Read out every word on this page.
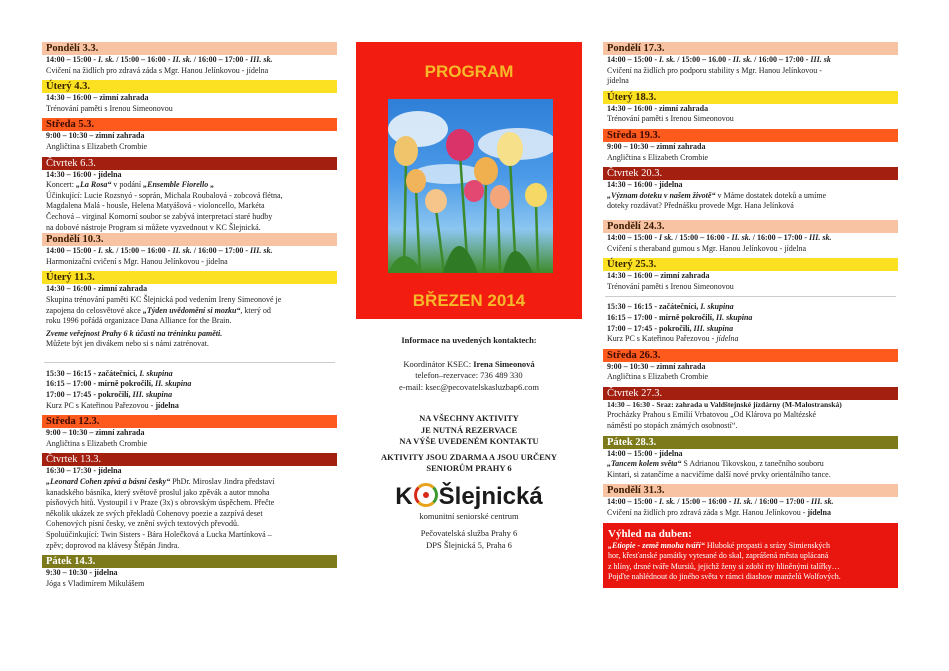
Pondělí 3.3.
14:00 – 15:00 - I. sk. / 15:00 – 16:00 - II. sk. / 16:00 – 17:00 - III. sk.
Cvičení na židlích pro zdravá záda s Mgr. Hanou Jelínkovou - jídelna
Úterý 4.3.
14:30 – 16:00 – zimní zahrada
Trénování paměti s Irenou Simeonovou
Středa 5.3.
9:00 – 10:30 – zimní zahrada
Angličtina s Elizabeth Crombie
Čtvrtek 6.3.
14:30 – 16:00 - jídelna
Koncert: „La Rosa“ v podání „Ensemble Fiorello „
Účinkující: Lucie Rozsnyó - soprán, Michala Roubalová - zobcová flétna,
Magdalena Malá - housle, Helena Matyášová - violoncello, Markéta
Čechová – virginal Komorní soubor se zabývá interpretací staré hudby
na dobové nástroje Program si můžete vyzvednout v KC Šlejnická.
Pondělí 10.3.
14:00 – 15:00 - I. sk. / 15:00 – 16:00 - II. sk. / 16:00 – 17:00 - III. sk.
Harmonizační cvičení s Mgr. Hanou Jelínkovou - jídelna
Úterý 11.3.
14:30 – 16:00 - zimní zahrada
Skupina trénování paměti KC Šlejnická pod vedením Ireny Simeonové je
zapojena do celosvětové akce „Týden uvědomění si mozku“, který od
roku 1996 pořádá organizace Dana Alliance for the Brain.
Zveme veřejnost Prahy 6 k účasti na tréninku paměti.
Můžete být jen divákem nebo si s námi zatrénovat.
15:30 – 16:15 - začátečníci, I. skupina
16:15 – 17:00 - mírně pokročilí, II. skupina
17:00 – 17:45 - pokročilí, III. skupina
Kurz PC s Kateřinou Pařezovou - jídelna
Středa 12.3.
9:00 – 10:30 – zimní zahrada
Angličtina s Elizabeth Crombie
Čtvrtek 13.3.
16:30 – 17:30 - jídelna
„Leonard Cohen zpívá a básní česky“ PhDr. Miroslav Jindra představí
kanadského básníka, který světově proslul jako zpěvák a autor mnoha
písňových hitů. Vystoupil i v Praze (3x) s obrovským úspěchem. Přečte
několik ukázek ze svých překladů Cohenovy poezie a zazpívá deset
Cohenových písní česky, ve znění svých textových převodů.
Spoluúčinkující: Twin Sisters - Bára Holečková a Lucka Martínková –
zpěv; doprovod na klávesy Štěpán Jindra.
Pátek 14.3.
9:30 – 10:30 - jídelna
Jóga s Vladimírem Mikulášem
PROGRAM
BŘEZEN 2014
Informace na uvedených kontaktech:
Koordinátor KSEC: Irena Simeonová
telefon–rezervace: 736 489 330
e-mail: ksec@pecovatelskasluzbap6.com
NA VŠECHNY AKTIVITY
JE NUTNÁ REZERVACE
NA VÝŠE UVEDENÉM KONTAKTU
AKTIVITY JSOU ZDARMA A JSOU URČENY
SENIORŮM PRAHY 6
K Šlejnická
komunitní seniorské centrum
Pečovatelská služba Prahy 6
DPS Šlejnická 5, Praha 6
Pondělí 17.3.
14:00 – 15:00 - I. sk. / 15:00 – 16.00 - II. sk. / 16:00 – 17:00 - III. sk
Cvičení na židlích pro podporu stability s Mgr. Hanou Jelínkovou -
jídelna
Úterý 18.3.
14:30 – 16:00 - zimní zahrada
Trénování paměti s Irenou Simeonovou
Středa 19.3.
9:00 – 10:30 – zimní zahrada
Angličtina s Elizabeth Crombie
Čtvrtek 20.3.
14:30 – 16:00 - jídelna
„Význam doteku v našem životě“ v Máme dostatek doteků a umíme
doteky rozdávat? Přednášku provede Mgr. Hana Jelínková
Pondělí 24.3.
14:00 – 15:00 - I sk. / 15:00 – 16:00 - II. sk. / 16:00 – 17:00 - III. sk.
Cvičení s theraband gumou s Mgr. Hanou Jelínkovou - jídelna
Úterý 25.3.
14:30 – 16:00 – zimní zahrada
Trénování paměti s Irenou Simeonovou
15:30 – 16:15 - začátečníci, I. skupina
16:15 – 17:00 - mírně pokročilí, II. skupina
17:00 – 17:45 - pokročilí, III. skupina
Kurz PC s Kateřinou Pařezovou - jídelna
Středa 26.3.
9:00 – 10:30 – zimní zahrada
Angličtina s Elizabeth Crombie
Čtvrtek 27.3.
14:30 – 16:30 - Sraz: zahrada u Valdštejnské jízdárny (M-Malostranská)
Procházky Prahou s Emílií Vrbatovou „Od Klárova po Maltézské
náměstí po stopách známých osobností“.
Pátek 28.3.
14:00 – 15:00 - jídelna
„Tancem kolem světa“ S Adrianou Tikovskou, z tanečního souboru
Kintari, si zatančíme a nacvičíme další nové prvky orientálního tance.
Pondělí 31.3.
14:00 – 15:00 - I. sk. / 15:00 – 16:00 - II. sk. / 16:00 – 17:00 - III. sk.
Cvičení na židlích pro zdravá záda s Mgr. Hanou Jelínkovou - jídelna
Výhled na duben:
„Etiopie - země mnoha tváří“ Hluboké propasti a srázy Simienských
hor, křesťanské památky vytesané do skal, zaprášená města uplácaná
z hlíny, drsné tváře Mursiů, jejichž ženy si zdobí rty hliněnými talířky…
Pojďte nahlédnout do jiného světa v rámci diashow manželů Wolfových.
